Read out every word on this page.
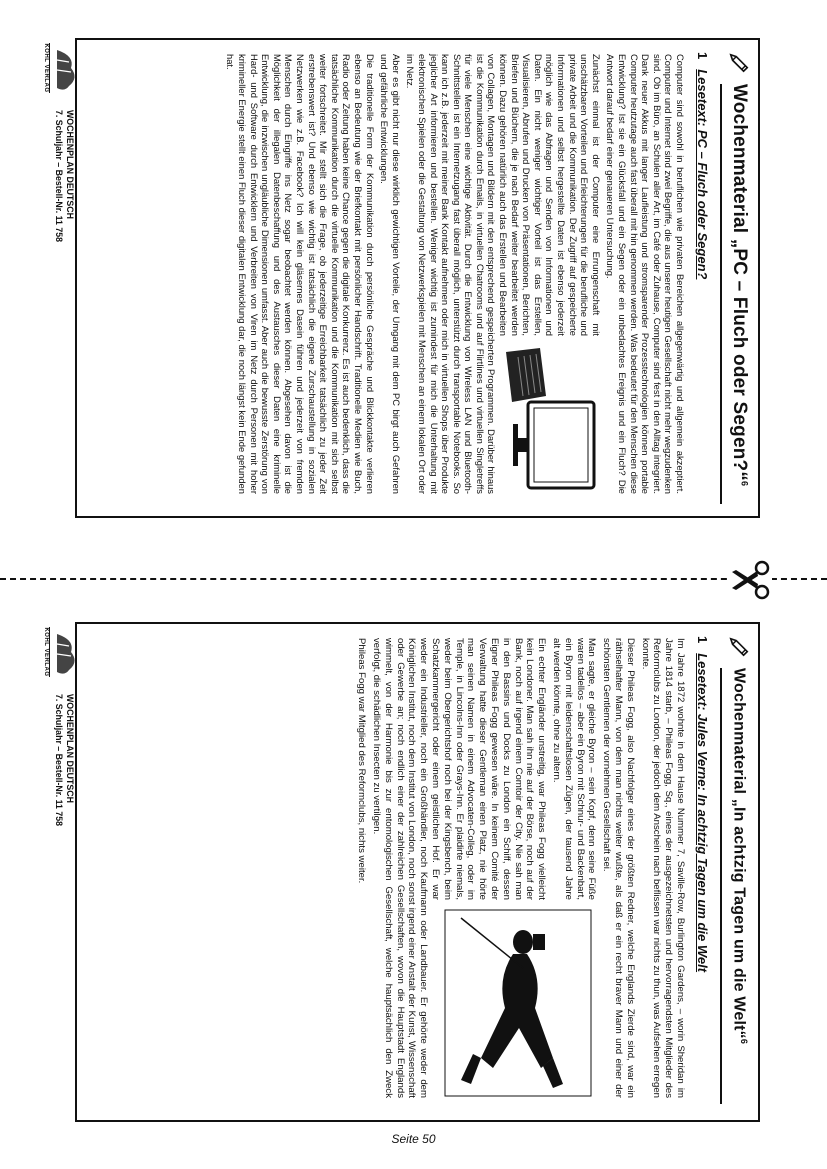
Wochenmaterial „PC – Fluch oder Segen?“$^6$
1Lesetext: PC – Fluch oder Segen?

Computer sind sowohl in beruflichen wie privaten Bereichen allgegenwärtig und allgemein akzeptiert. Computer und Internet sind zwei Begriffe, die aus unserer heutigen Gesellschaft nicht mehr wegzudenken sind. Ob im Büro, an Schulen aller Art, im Café oder Zuhause, Computer sind fest in den Alltag integriert. Dank neuer Akkus mit langer Laufleistung und stromsparender Prozesstechnologien können portable Computer heutzutage auch fast überall mit hin genommen werden. Was bedeutet für den Menschen diese Entwicklung? Ist sie ein Glücksfall und ein Segen oder ein unbedachtes Ereignis und ein Fluch? Die Antwort darauf bedarf einer genaueren Untersuchung.

Zunächst einmal ist der Computer eine Errungenschaft mit unschätzbaren Vorteilen und Erleichterungen für die berufliche und private Arbeit und die Kommunikation. Der Zugriff auf gespeicherte Informationen und selbst hergestellte Daten ist ebenso jederzeit möglich wie das Abfragen und Senden von Informationen und Daten. Ein nicht weniger wichtiger Vorteil ist das Erstellen, Visualisieren, Abrufen und Drucken von Präsentationen, Berichten, Briefen und Büchern, die je nach Bedarf weiter bearbeitet werden können. Dazu gehören natürlich auch das Erstellen und Bearbeiten von Collagen, Montagen und Bildern mit den entsprechend gespeicherten Programmen. Darüber hinaus ist die Kommunikation durch Emails, in virtuellen Chatrooms und auf Flirtlines und virtuellen Singletreffs für viele Menschen eine wichtige Aktivität. Durch die Entwicklung von Wireless LAN und Bluetooth-Schnittstellen ist ein Internetzugang fast überall möglich, unterstützt durch transportable Notebooks. So kann ich z.B. jederzeit mit meiner Bank Kontakt aufnehmen oder mich in virtuellen Shops über Produkte jeglicher Art informieren und bestellen. Weniger wichtig ist zumindest für mich die Unterhaltung mit elektronischen Spielen oder die Gestaltung von Netzwerkspielen mit Menschen an einem lokalen Ort oder im Netz.

Aber es gibt nicht nur diese wirklich gewichtigen Vorteile, der Umgang mit dem PC birgt auch Gefahren und gefährliche Entwicklungen.

Die traditionelle Form der Kommunikation durch persönliche Gespräche und Blickkontakte verlieren ebenso an Bedeutung wie der Briefkontakt mit persönlicher Handschrift. Traditionelle Medien wie Buch, Radio oder Zeitung haben keine Chance gegen die digitale Konkurrenz. Es ist auch bedenklich, dass die tatsächliche Kommunikation durch die virtuelle Kommunikation und die Kommunikation mit sich selbst weiter fortschreitet. Mir stellt sich die Frage, ob jederzeitige Erreichbarkeit tatsächlich zu jeder Zeit erstrebenswert ist? Und ebenso wie wichtig ist tatsächlich die eigene Zurschaustellung in sozialen Netzwerken wie z.B. Facebook? Ich will kein gläsernes Dasein führen und jederzeit von fremden Menschen durch Eingriffe ins Netz sogar beobachtet werden können. Abgesehen davon ist die Möglichkeit der illegalen Datenbeschaffung und des Austausches dieser Daten eine kriminelle Entwicklung, die inzwischen ungläubliche Dimensionen umfasst. Aber auch die bewusste Zerstörung von Hard- und Software durch Entwicklern und Verbreiten von Viren im Netz durch Personen mit hoher krimineller Energie stellt einen Fluch dieser digitalen Entwicklung dar, die noch längst kein Ende gefunden hat.

KOHL VERLAG
WOCHENPLAN DEUTSCH
7. Schuljahr – Bestell-Nr. 11 758
Wochenmaterial „In achtzig Tagen um die Welt“$^6$
1Lesetext: Jules Verne: In achtzig Tagen um die Welt

Im Jahre 1872 wohnte in dem Hause Nummer 7, Saville-Row, Burlington Gardens, – worin Sheridan im Jahre 1814 starb, – Phileas Fogg, Sq., eines der ausgezeichnetsten und hervorragendsten Mitglieder des Reformclubs zu London, der jedoch dem Anschein nach beflissen war nichts zu thun, was Aufsehen erregen konnte.

Dieser Phileas Fogg, also Nachfolger eines der größten Redner, welche Englands Zierde sind, war ein räthselhafter Mann, von dem man nichts weiter wußte, als daß er ein recht braver Mann und einer der schönsten Gentlemen der vornehmen Gesellschaft sei.

Man sagte, er gleiche Byron – sein Kopf, denn seine Füße waren tadellos – aber ein Byron mit Schnur- und Backenbart, ein Byron mit leidenschaftslosen Zügen, der tausend Jahre alt werden könnte, ohne zu altern.

Ein echter Engländer unstreitig, war Phileas Fogg vielleicht kein Londoner. Man sah ihn nie auf der Börse, noch auf der Bank, noch auf irgend einem Comtoir der City. Nie sah man in den Bassins und Docks zu London ein Schiff, dessen Eigner Phileas Fogg gewesen wäre. In keinem Comité der Verwaltung hatte dieser Gentleman einen Platz, nie hörte man seinen Namen in einem Advocaten-Colleg, oder im Temple, in Lincolns-Inn oder Grays-Inn. Er plaidirte niemals, weder beim Obergerichtshof noch bei der Kingsbench, beim Schatzkammergericht oder einem geistlichen Hof. Er war weder ein Industrieller, noch ein Großhändler, noch Kaufmann oder Landbauer. Er gehörte weder dem Königlichen Institut, noch dem Institut von London, noch sonst irgend einer Anstalt der Kunst, Wissenschaft oder Gewerbe an; noch endlich einer der zahlreichen Gesellschaften, wovon die Hauptstadt Englands wimmelt, von der Harmonie bis zur entomologischen Gesellschaft, welche hauptsächlich den Zweck verfolgt, die schädlichen Insecten zu vertilgen.

Phileas Fogg war Mitglied des Reformclubs, nichts weiter.

KOHL VERLAG
WOCHENPLAN DEUTSCH
7. Schuljahr – Bestell-Nr. 11 758
Seite 50
